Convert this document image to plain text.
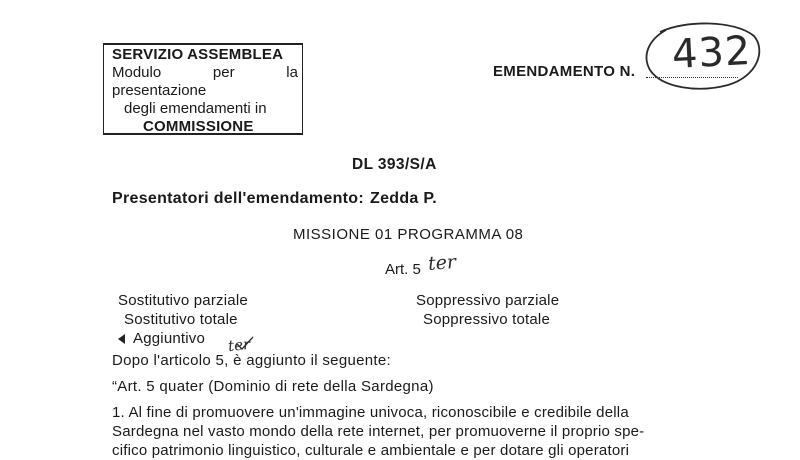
SERVIZIO ASSEMBLEA
Modulo	per	la
presentazione
degli emendamenti in
COMMISSIONE
EMENDAMENTO N. 432
DL 393/S/A
Presentatori dell'emendamento: Zedda P.
MISSIONE 01 PROGRAMMA 08
Art. 5 ter
Sostitutivo parziale
Sostitutivo totale
Aggiuntivo
Soppressivo parziale
Soppressivo totale
Dopo l'articolo 5, è aggiunto il seguente:
ter
“Art. 5 quater (Dominio di rete della Sardegna)
1. Al fine di promuovere un'immagine univoca, riconoscibile e credibile della
Sardegna nel vasto mondo della rete internet, per promuoverne il proprio spe-
cifico patrimonio linguistico, culturale e ambientale e per dotare gli operatori
